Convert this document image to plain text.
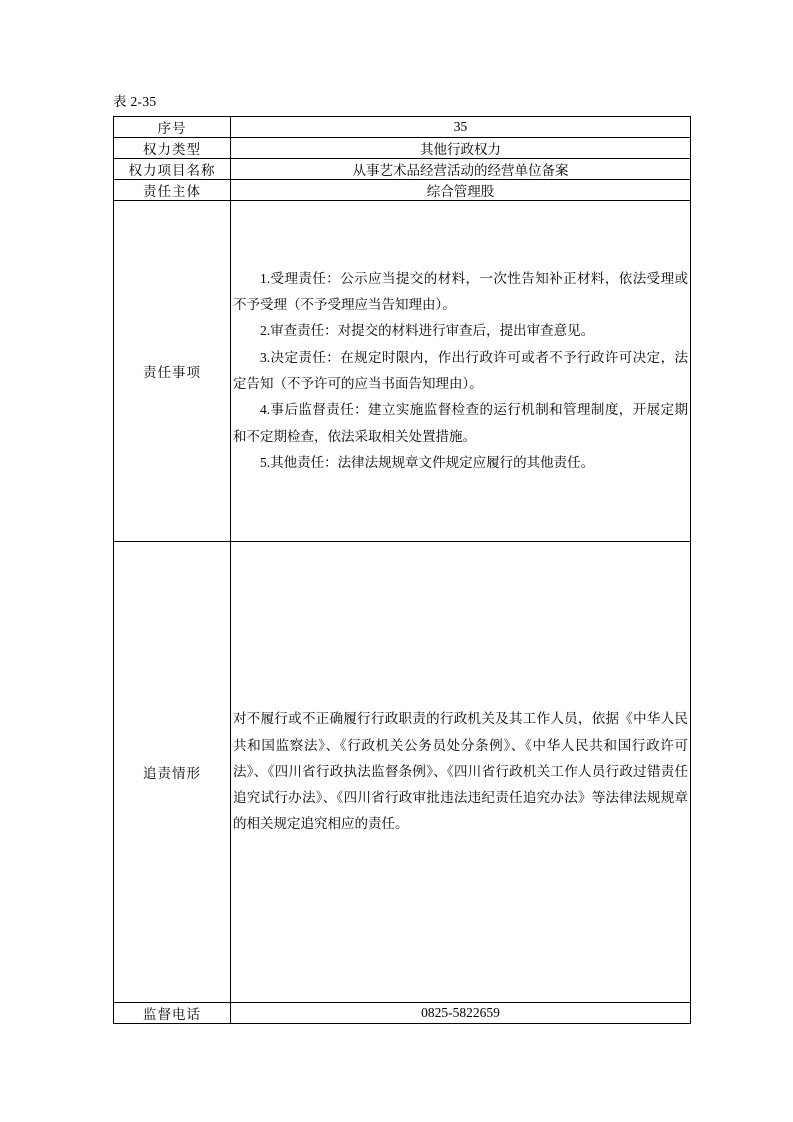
表 2-35
序号	35
权力类型	其他行政权力
权力项目名称	从事艺术品经营活动的经营单位备案
责任主体	综合管理股
责任事项	1.受理责任：公示应当提交的材料，一次性告知补正材料，依法受理或不予受理（不予受理应当告知理由）。

2.审查责任：对提交的材料进行审查后，提出审查意见。

3.决定责任：在规定时限内，作出行政许可或者不予行政许可决定，法定告知（不予许可的应当书面告知理由）。

4.事后监督责任：建立实施监督检查的运行机制和管理制度，开展定期和不定期检查，依法采取相关处置措施。

5.其他责任：法律法规规章文件规定应履行的其他责任。

追责情形	对不履行或不正确履行行政职责的行政机关及其工作人员，依据《中华人民共和国监察法》、《行政机关公务员处分条例》、《中华人民共和国行政许可法》、《四川省行政执法监督条例》、《四川省行政机关工作人员行政过错责任追究试行办法》、《四川省行政审批违法违纪责任追究办法》等法律法规规章的相关规定追究相应的责任。

监督电话	0825-5822659
